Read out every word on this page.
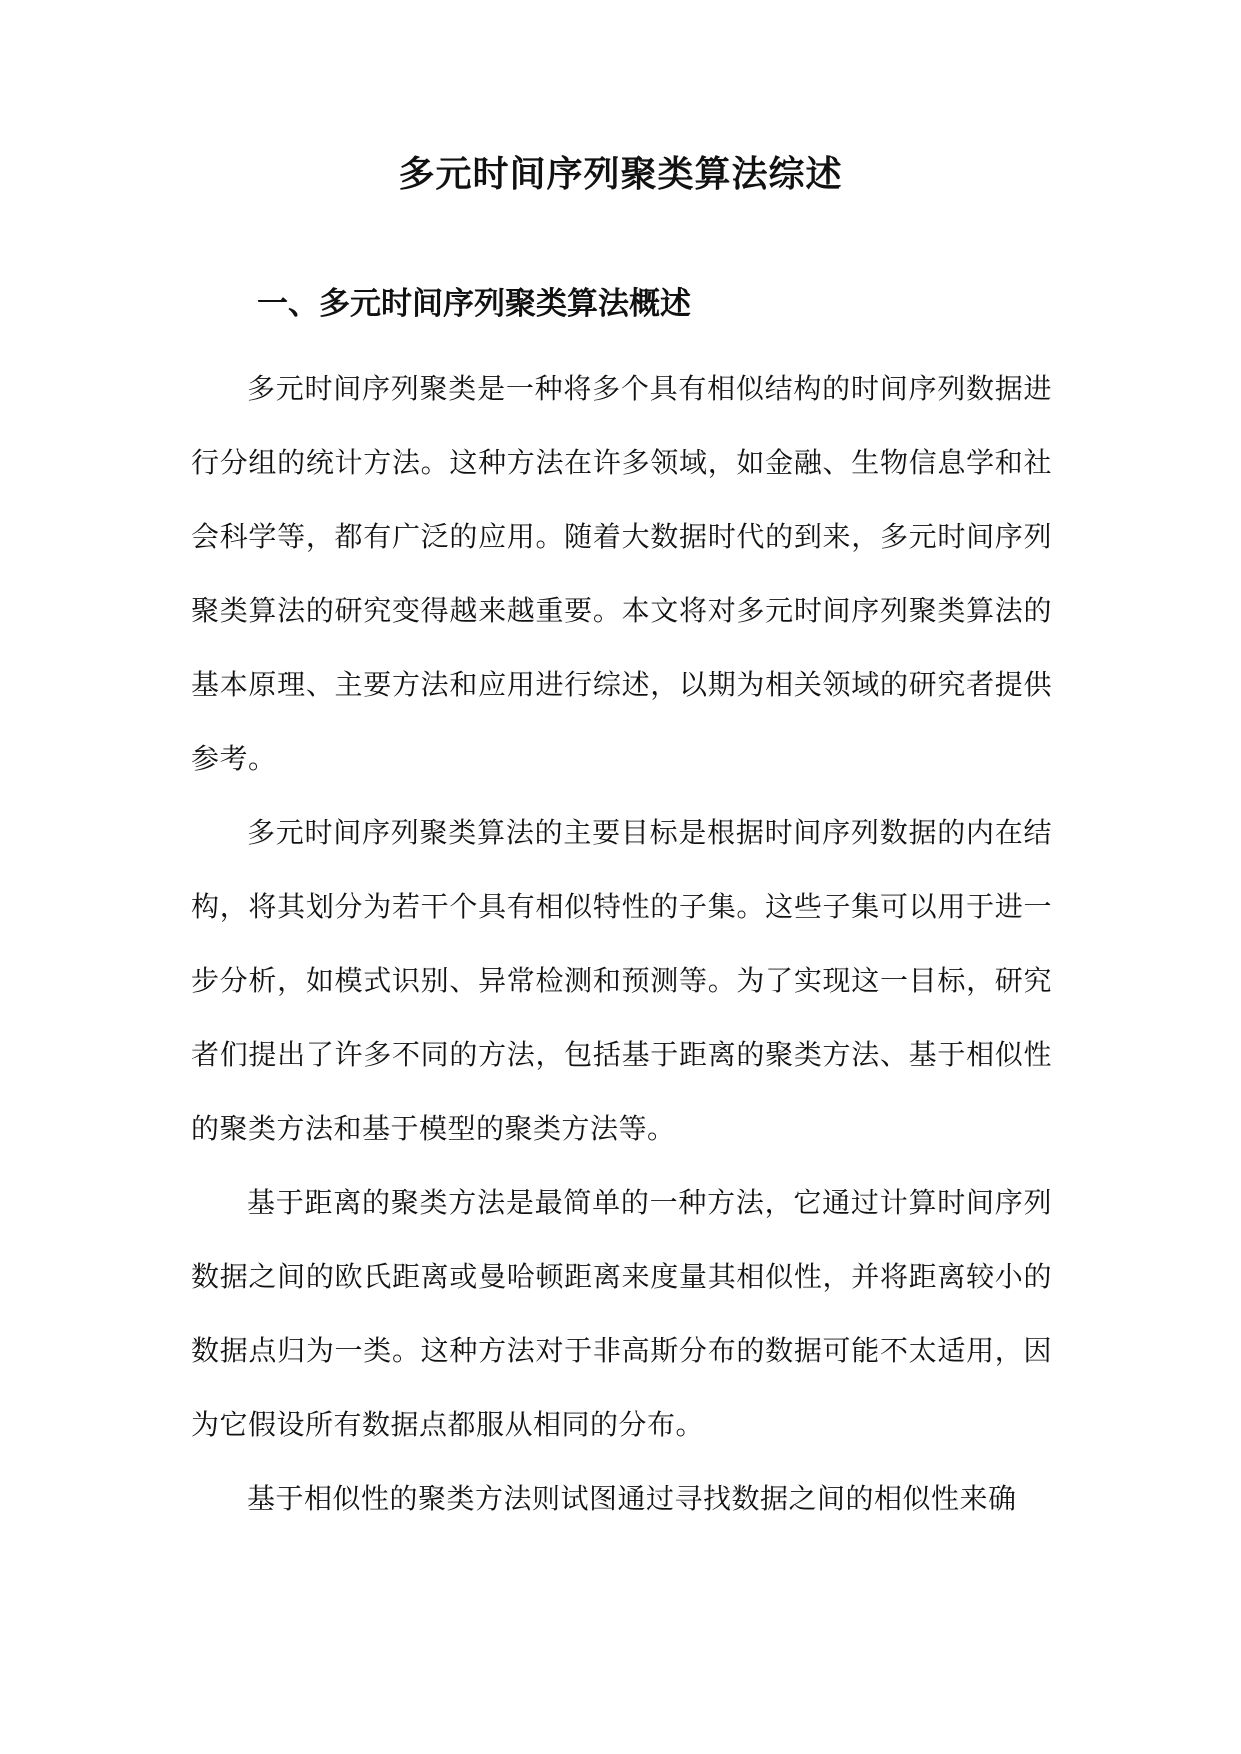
多元时间序列聚类算法综述
一、多元时间序列聚类算法概述

多元时间序列聚类是一种将多个具有相似结构的时间序列数据进行分组的统计方法。这种方法在许多领域，如金融、生物信息学和社会科学等，都有广泛的应用。随着大数据时代的到来，多元时间序列聚类算法的研究变得越来越重要。本文将对多元时间序列聚类算法的基本原理、主要方法和应用进行综述，以期为相关领域的研究者提供参考。

多元时间序列聚类算法的主要目标是根据时间序列数据的内在结构，将其划分为若干个具有相似特性的子集。这些子集可以用于进一步分析，如模式识别、异常检测和预测等。为了实现这一目标，研究者们提出了许多不同的方法，包括基于距离的聚类方法、基于相似性的聚类方法和基于模型的聚类方法等。

基于距离的聚类方法是最简单的一种方法，它通过计算时间序列数据之间的欧氏距离或曼哈顿距离来度量其相似性，并将距离较小的数据点归为一类。这种方法对于非高斯分布的数据可能不太适用，因为它假设所有数据点都服从相同的分布。

基于相似性的聚类方法则试图通过寻找数据之间的相似性来确
